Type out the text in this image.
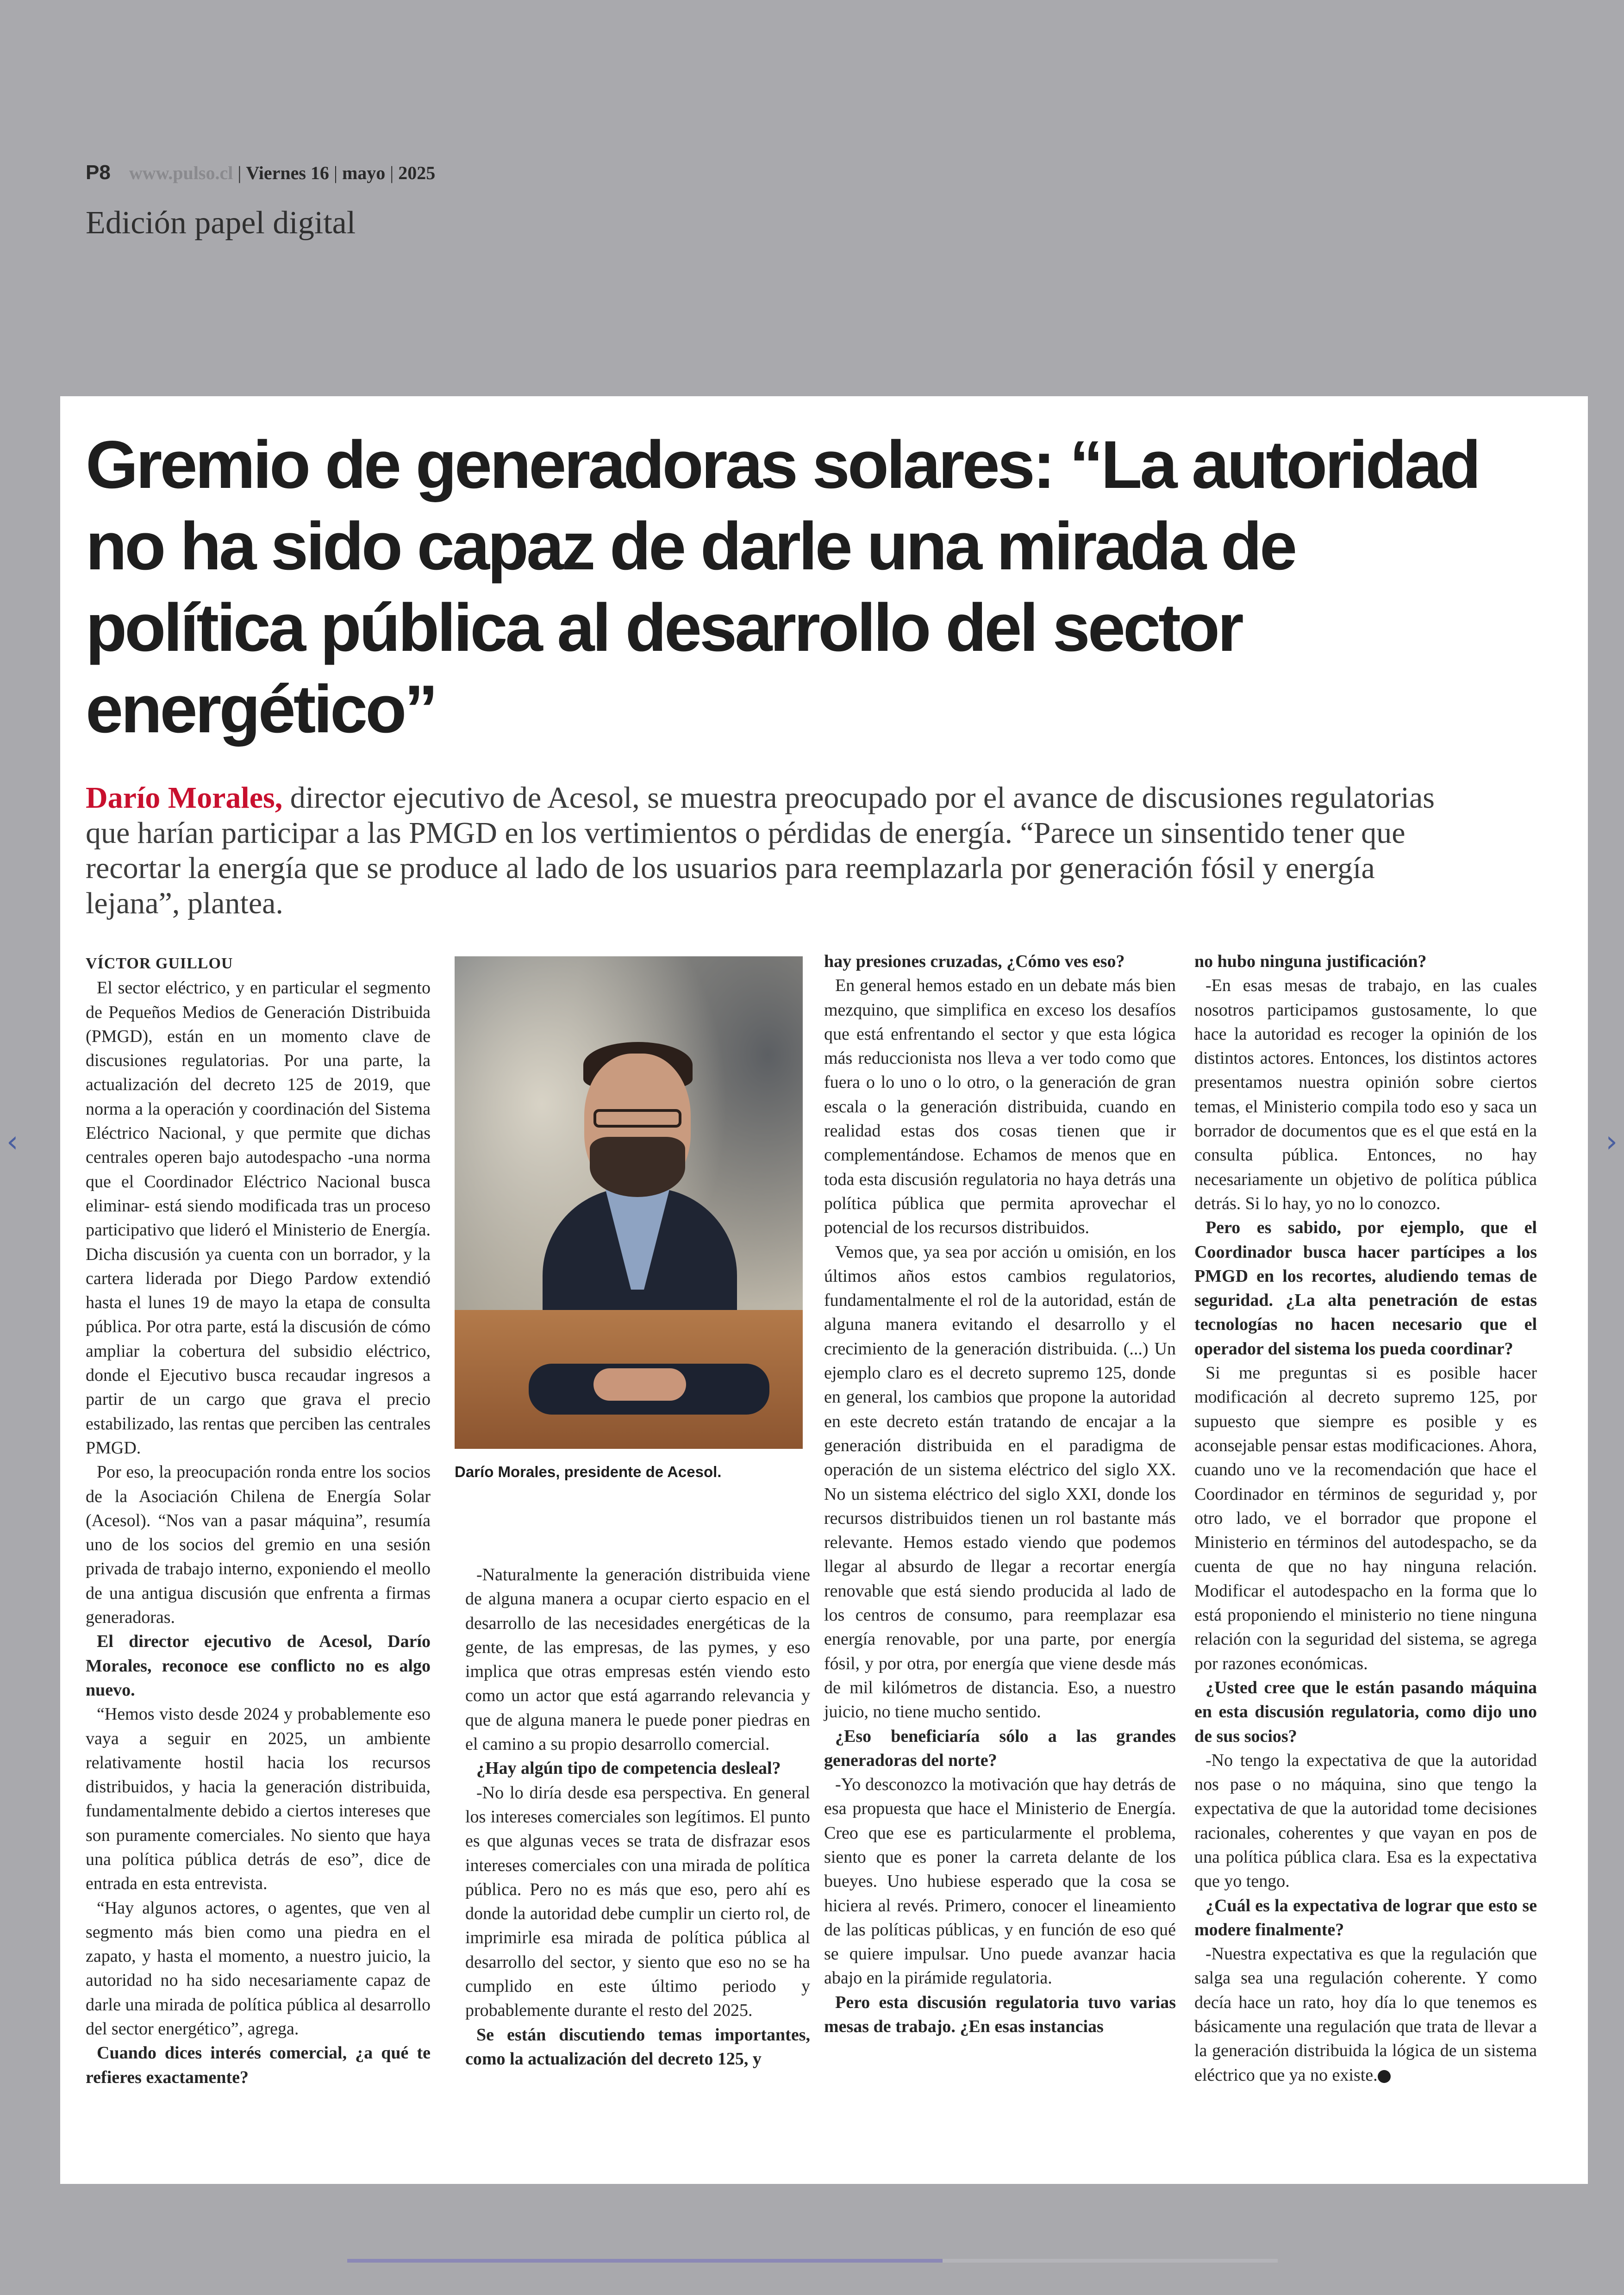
P8 www.pulso.cl | Viernes 16 | mayo | 2025
Edición papel digital
‹	›
Gremio de generadoras solares: “La autoridad no ha sido capaz de darle una mirada de política pública al desarrollo del sector energético”
Darío Morales, director ejecutivo de Acesol, se muestra preocupado por el avance de discusiones regulatorias que harían participar a las PMGD en los vertimientos o pérdidas de energía. “Parece un sinsentido tener que recortar la energía que se produce al lado de los usuarios para reemplazarla por generación fósil y energía lejana”, plantea.

VÍCTOR GUILLOU

El sector eléctrico, y en particular el segmento de Pequeños Medios de Generación Distribuida (PMGD), están en un momento clave de discusiones regulatorias. Por una parte, la actualización del decreto 125 de 2019, que norma a la operación y coordinación del Sistema Eléctrico Nacional, y que permite que dichas centrales operen bajo autodespacho -una norma que el Coordinador Eléctrico Nacional busca eliminar- está siendo modificada tras un proceso participativo que lideró el Ministerio de Energía. Dicha discusión ya cuenta con un borrador, y la cartera liderada por Diego Pardow extendió hasta el lunes 19 de mayo la etapa de consulta pública. Por otra parte, está la discusión de cómo ampliar la cobertura del subsidio eléctrico, donde el Ejecutivo busca recaudar ingresos a partir de un cargo que grava el precio estabilizado, las rentas que perciben las centrales PMGD.

Por eso, la preocupación ronda entre los socios de la Asociación Chilena de Energía Solar (Acesol). “Nos van a pasar máquina”, resumía uno de los socios del gremio en una sesión privada de trabajo interno, exponiendo el meollo de una antigua discusión que enfrenta a firmas generadoras.

El director ejecutivo de Acesol, Darío Morales, reconoce ese conflicto no es algo nuevo.

“Hemos visto desde 2024 y probablemente eso vaya a seguir en 2025, un ambiente relativamente hostil hacia los recursos distribuidos, y hacia la generación distribuida, fundamentalmente debido a ciertos intereses que son puramente comerciales. No siento que haya una política pública detrás de eso”, dice de entrada en esta entrevista.

“Hay algunos actores, o agentes, que ven al segmento más bien como una piedra en el zapato, y hasta el momento, a nuestro juicio, la autoridad no ha sido necesariamente capaz de darle una mirada de política pública al desarrollo del sector energético”, agrega.

Cuando dices interés comercial, ¿a qué te refieres exactamente?

Darío Morales, presidente de Acesol.

-Naturalmente la generación distribuida viene de alguna manera a ocupar cierto espacio en el desarrollo de las necesidades energéticas de la gente, de las empresas, de las pymes, y eso implica que otras empresas estén viendo esto como un actor que está agarrando relevancia y que de alguna manera le puede poner piedras en el camino a su propio desarrollo comercial.

¿Hay algún tipo de competencia desleal?

-No lo diría desde esa perspectiva. En general los intereses comerciales son legítimos. El punto es que algunas veces se trata de disfrazar esos intereses comerciales con una mirada de política pública. Pero no es más que eso, pero ahí es donde la autoridad debe cumplir un cierto rol, de imprimirle esa mirada de política pública al desarrollo del sector, y siento que eso no se ha cumplido en este último periodo y probablemente durante el resto del 2025.

Se están discutiendo temas importantes, como la actualización del decreto 125, y

hay presiones cruzadas, ¿Cómo ves eso?

En general hemos estado en un debate más bien mezquino, que simplifica en exceso los desafíos que está enfrentando el sector y que esta lógica más reduccionista nos lleva a ver todo como que fuera o lo uno o lo otro, o la generación de gran escala o la generación distribuida, cuando en realidad estas dos cosas tienen que ir complementándose. Echamos de menos que en toda esta discusión regulatoria no haya detrás una política pública que permita aprovechar el potencial de los recursos distribuidos.

Vemos que, ya sea por acción u omisión, en los últimos años estos cambios regulatorios, fundamentalmente el rol de la autoridad, están de alguna manera evitando el desarrollo y el crecimiento de la generación distribuida. (...) Un ejemplo claro es el decreto supremo 125, donde en general, los cambios que propone la autoridad en este decreto están tratando de encajar a la generación distribuida en el paradigma de operación de un sistema eléctrico del siglo XX. No un sistema eléctrico del siglo XXI, donde los recursos distribuidos tienen un rol bastante más relevante. Hemos estado viendo que podemos llegar al absurdo de llegar a recortar energía renovable que está siendo producida al lado de los centros de consumo, para reemplazar esa energía renovable, por una parte, por energía fósil, y por otra, por energía que viene desde más de mil kilómetros de distancia. Eso, a nuestro juicio, no tiene mucho sentido.

¿Eso beneficiaría sólo a las grandes generadoras del norte?

-Yo desconozco la motivación que hay detrás de esa propuesta que hace el Ministerio de Energía. Creo que ese es particularmente el problema, siento que es poner la carreta delante de los bueyes. Uno hubiese esperado que la cosa se hiciera al revés. Primero, conocer el lineamiento de las políticas públicas, y en función de eso qué se quiere impulsar. Uno puede avanzar hacia abajo en la pirámide regulatoria.

Pero esta discusión regulatoria tuvo varias mesas de trabajo. ¿En esas instancias

no hubo ninguna justificación?

-En esas mesas de trabajo, en las cuales nosotros participamos gustosamente, lo que hace la autoridad es recoger la opinión de los distintos actores. Entonces, los distintos actores presentamos nuestra opinión sobre ciertos temas, el Ministerio compila todo eso y saca un borrador de documentos que es el que está en la consulta pública. Entonces, no hay necesariamente un objetivo de política pública detrás. Si lo hay, yo no lo conozco.

Pero es sabido, por ejemplo, que el Coordinador busca hacer partícipes a los PMGD en los recortes, aludiendo temas de seguridad. ¿La alta penetración de estas tecnologías no hacen necesario que el operador del sistema los pueda coordinar?

Si me preguntas si es posible hacer modificación al decreto supremo 125, por supuesto que siempre es posible y es aconsejable pensar estas modificaciones. Ahora, cuando uno ve la recomendación que hace el Coordinador en términos de seguridad y, por otro lado, ve el borrador que propone el Ministerio en términos del autodespacho, se da cuenta de que no hay ninguna relación. Modificar el autodespacho en la forma que lo está proponiendo el ministerio no tiene ninguna relación con la seguridad del sistema, se agrega por razones económicas.

¿Usted cree que le están pasando máquina en esta discusión regulatoria, como dijo uno de sus socios?

-No tengo la expectativa de que la autoridad nos pase o no máquina, sino que tengo la expectativa de que la autoridad tome decisiones racionales, coherentes y que vayan en pos de una política pública clara. Esa es la expectativa que yo tengo.

¿Cuál es la expectativa de lograr que esto se modere finalmente?

-Nuestra expectativa es que la regulación que salga sea una regulación coherente. Y como decía hace un rato, hoy día lo que tenemos es básicamente una regulación que trata de llevar a la generación distribuida la lógica de un sistema eléctrico que ya no existe.
